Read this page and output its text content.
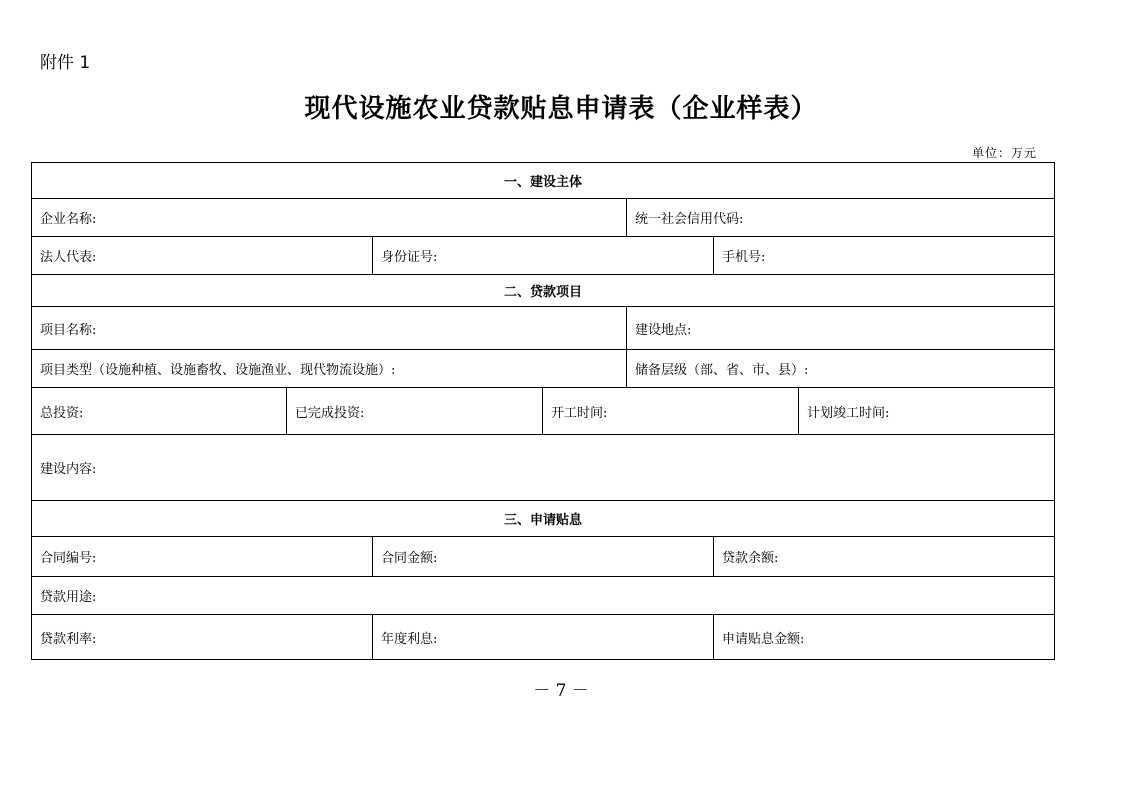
附件 1
现代设施农业贷款贴息申请表（企业样表）
单位：万元
一、建设主体						
企业名称:				统一社会信用代码:		
法人代表:		身份证号:			手机号:	
二、贷款项目						
项目名称:				建设地点:		
项目类型（设施种植、设施畜牧、设施渔业、现代物流设施）:				储备层级（部、省、市、县）:		
总投资:	已完成投资:		开工时间:			计划竣工时间:
建设内容:						
三、申请贴息						
合同编号:		合同金额:			贷款余额:	
贷款用途:						
贷款利率:		年度利息:			申请贴息金额:	
－ 7 －
